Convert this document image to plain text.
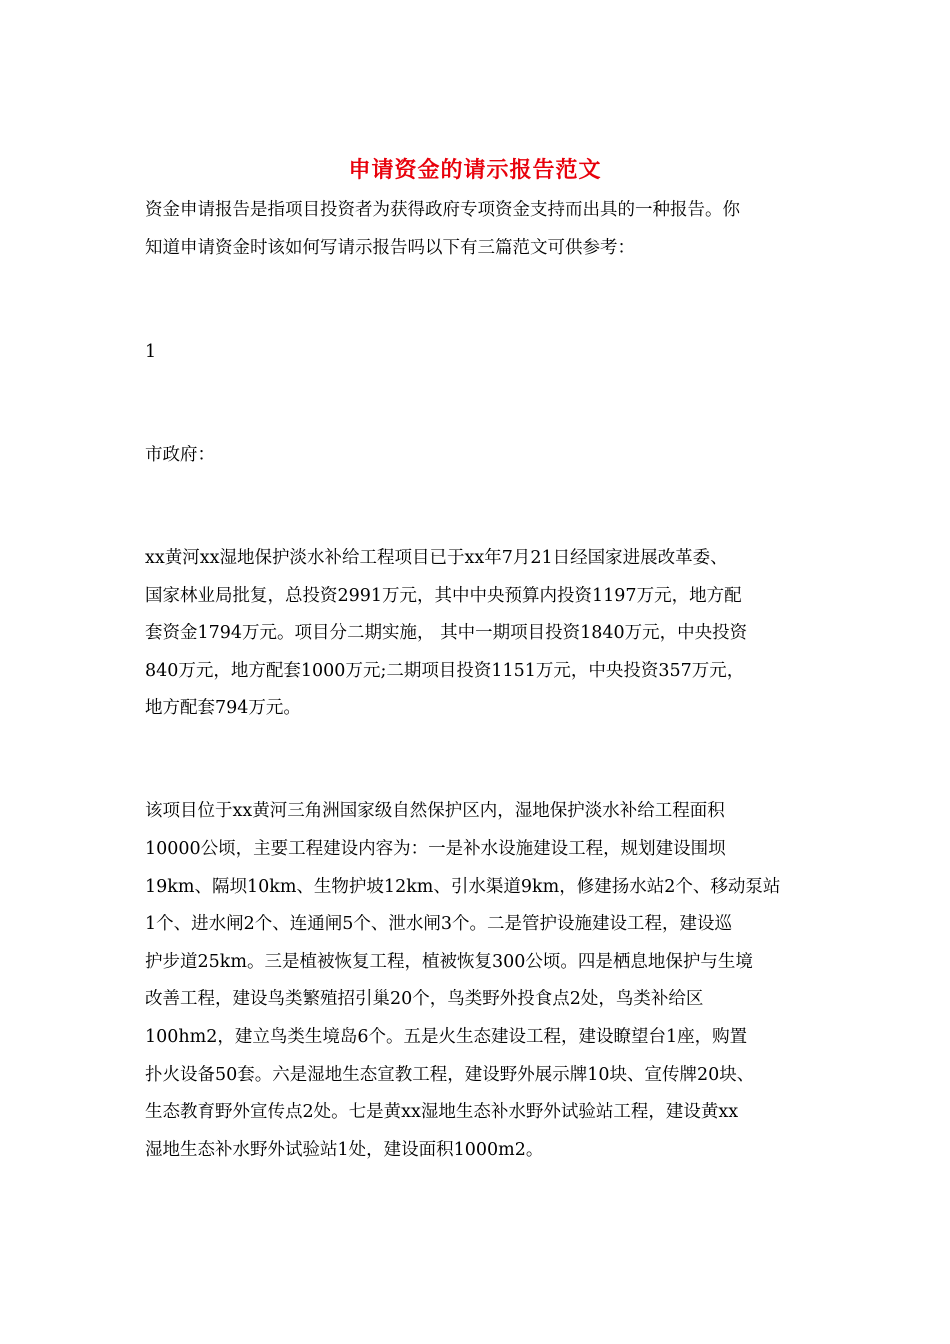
申请资金的请示报告范文
资金申请报告是指项目投资者为获得政府专项资金支持而出具的一种报告。你
知道申请资金时该如何写请示报告吗以下有三篇范文可供参考：
1
市政府：
xx黄河xx湿地保护淡水补给工程项目已于xx年7月21日经国家进展改革委、
国家林业局批复，总投资2991万元，其中中央预算内投资1197万元，地方配
套资金1794万元。项目分二期实施， 其中一期项目投资1840万元，中央投资
840万元，地方配套1000万元;二期项目投资1151万元，中央投资357万元，
地方配套794万元。
该项目位于xx黄河三角洲国家级自然保护区内，湿地保护淡水补给工程面积
10000公顷，主要工程建设内容为：一是补水设施建设工程，规划建设围坝
19km、隔坝10km、生物护坡12km、引水渠道9km，修建扬水站2个、移动泵站
1个、进水闸2个、连通闸5个、泄水闸3个。二是管护设施建设工程，建设巡
护步道25km。三是植被恢复工程，植被恢复300公顷。四是栖息地保护与生境
改善工程，建设鸟类繁殖招引巢20个，鸟类野外投食点2处，鸟类补给区
100hm2，建立鸟类生境岛6个。五是火生态建设工程，建设瞭望台1座，购置
扑火设备50套。六是湿地生态宣教工程，建设野外展示牌10块、宣传牌20块、
生态教育野外宣传点2处。七是黄xx湿地生态补水野外试验站工程，建设黄xx
湿地生态补水野外试验站1处，建设面积1000m2。
